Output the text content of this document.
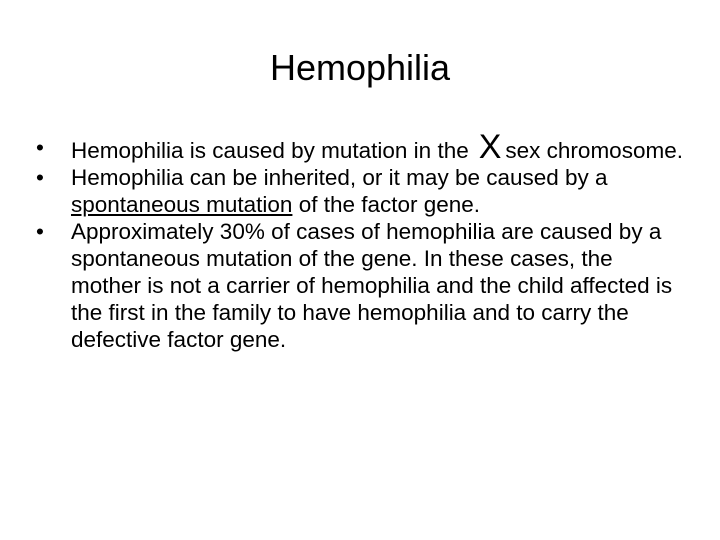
Hemophilia
•	Hemophilia is caused by mutation in the X sex chromosome.
•	Hemophilia can be inherited, or it may be caused by a spontaneous mutation of the factor gene.
•	Approximately 30% of cases of hemophilia are caused by a spontaneous mutation of the gene. In these cases, the mother is not a carrier of hemophilia and the child affected is the first in the family to have hemophilia and to carry the defective factor gene.
